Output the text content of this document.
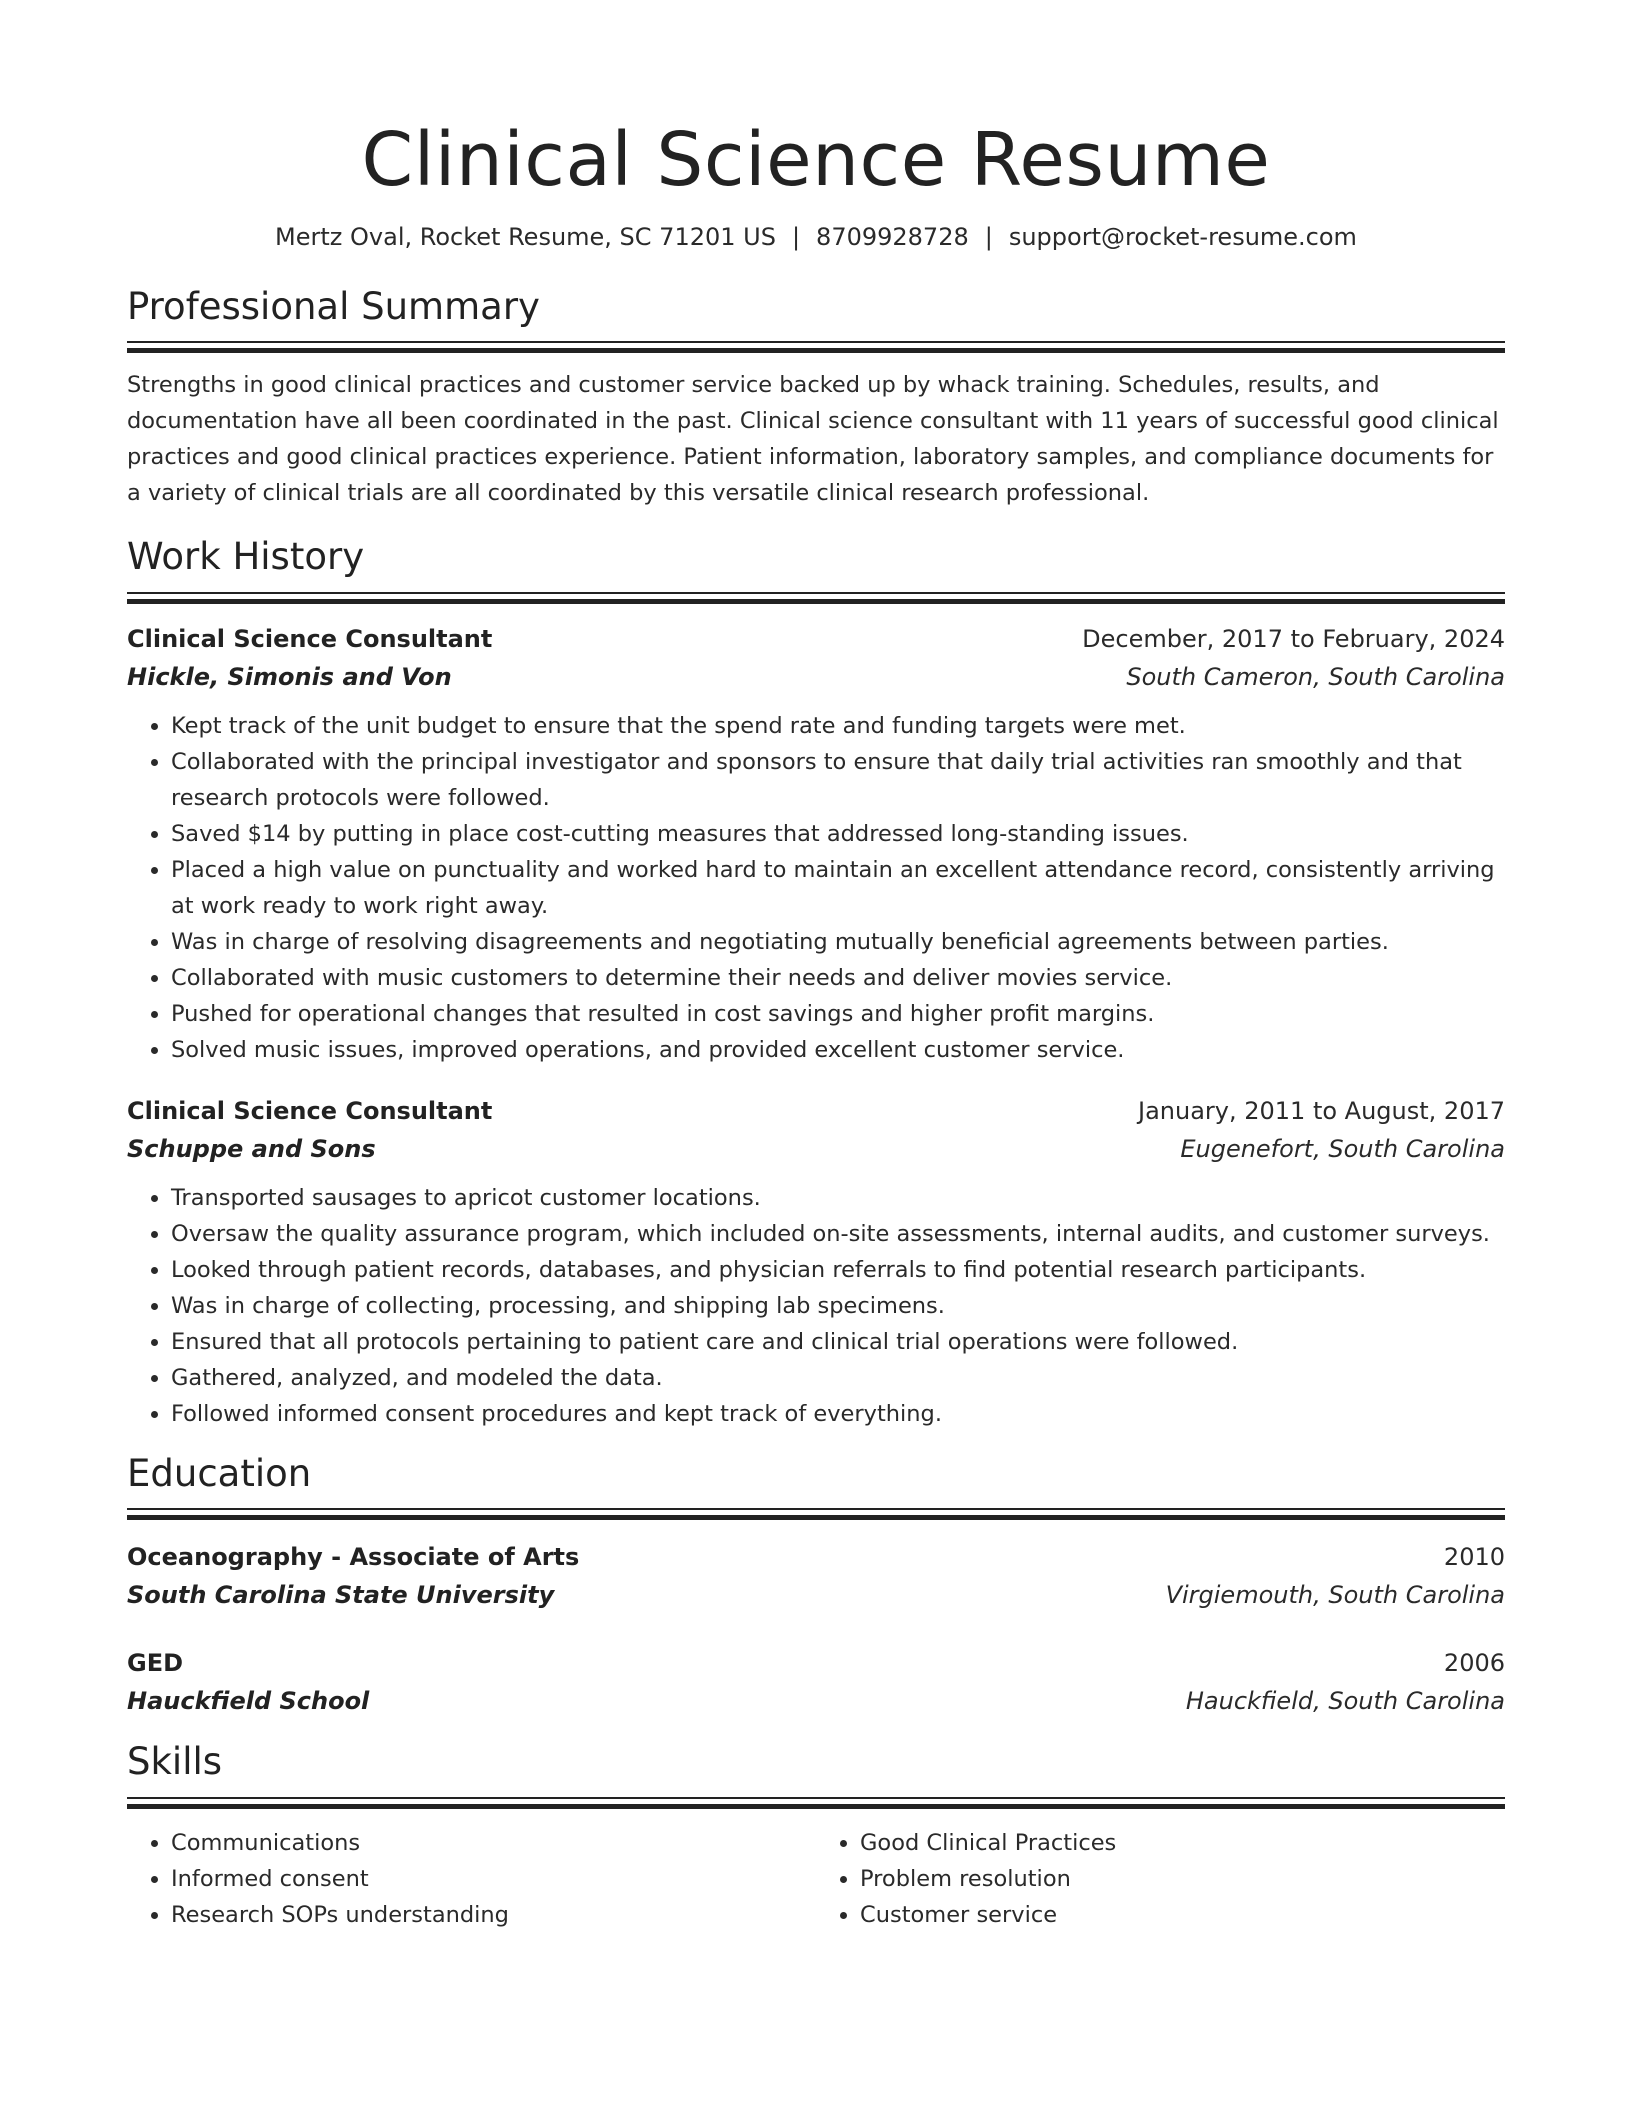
Clinical Science Resume
Mertz Oval, Rocket Resume, SC 71201 US | 8709928728 | support@rocket-resume.com
Professional Summary

Strengths in good clinical practices and customer service backed up by whack training. Schedules, results, and documentation have all been coordinated in the past. Clinical science consultant with 11 years of successful good clinical practices and good clinical practices experience. Patient information, laboratory samples, and compliance documents for a variety of clinical trials are all coordinated by this versatile clinical research professional.

Work History
Clinical Science Consultant	December, 2017 to February, 2024
Hickle, Simonis and Von	South Cameron, South Carolina
• Kept track of the unit budget to ensure that the spend rate and funding targets were met.
• Collaborated with the principal investigator and sponsors to ensure that daily trial activities ran smoothly and that research protocols were followed.
• Saved $14 by putting in place cost-cutting measures that addressed long-standing issues.
• Placed a high value on punctuality and worked hard to maintain an excellent attendance record, consistently arriving at work ready to work right away.
• Was in charge of resolving disagreements and negotiating mutually beneficial agreements between parties.
• Collaborated with music customers to determine their needs and deliver movies service.
• Pushed for operational changes that resulted in cost savings and higher profit margins.
• Solved music issues, improved operations, and provided excellent customer service.
Clinical Science Consultant	January, 2011 to August, 2017
Schuppe and Sons	Eugenefort, South Carolina
• Transported sausages to apricot customer locations.
• Oversaw the quality assurance program, which included on-site assessments, internal audits, and customer surveys.
• Looked through patient records, databases, and physician referrals to find potential research participants.
• Was in charge of collecting, processing, and shipping lab specimens.
• Ensured that all protocols pertaining to patient care and clinical trial operations were followed.
• Gathered, analyzed, and modeled the data.
• Followed informed consent procedures and kept track of everything.
Education
Oceanography - Associate of Arts	2010
South Carolina State University	Virgiemouth, South Carolina
GED	2006
Hauckfield School	Hauckfield, South Carolina
Skills
• Communications
• Informed consent
• Research SOPs understanding
• Good Clinical Practices
• Problem resolution
• Customer service
